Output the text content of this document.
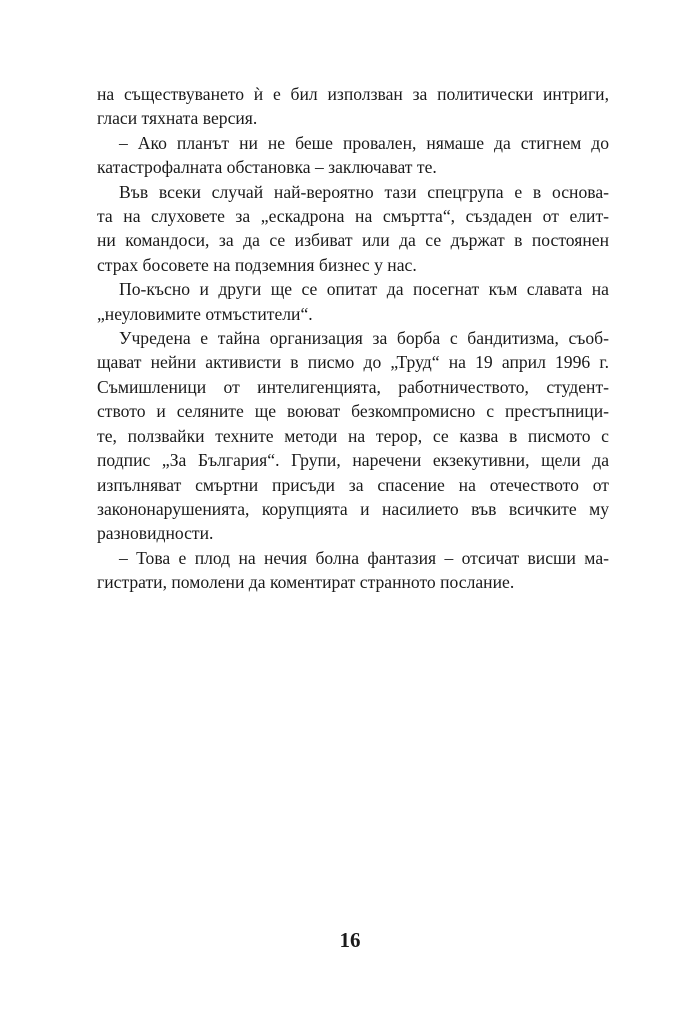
на съществуването ѝ е бил използван за политически интриги,
гласи тяхната версия.
– Ако планът ни не беше провален, нямаше да стигнем до
катастрофалната обстановка – заключават те.
Във всеки случай най-вероятно тази спецгрупа е в основа-
та на слуховете за „ескадрона на смъртта“, създаден от елит-
ни командоси, за да се избиват или да се държат в постоянен
страх босовете на подземния бизнес у нас.
По-късно и други ще се опитат да посегнат към славата на
„неуловимите отмъстители“.
Учредена е тайна организация за борба с бандитизма, съоб-
щават нейни активисти в писмо до „Труд“ на 19 април 1996 г.
Съмишленици от интелигенцията, работничеството, студент-
ството и селяните ще воюват безкомпромисно с престъпници-
те, ползвайки техните методи на терор, се казва в писмото с
подпис „За България“. Групи, наречени екзекутивни, щели да
изпълняват смъртни присъди за спасение на отечеството от
закононарушенията, корупцията и насилието във всичките му
разновидности.
– Това е плод на нечия болна фантазия – отсичат висши ма-
гистрати, помолени да коментират странното послание.
16
